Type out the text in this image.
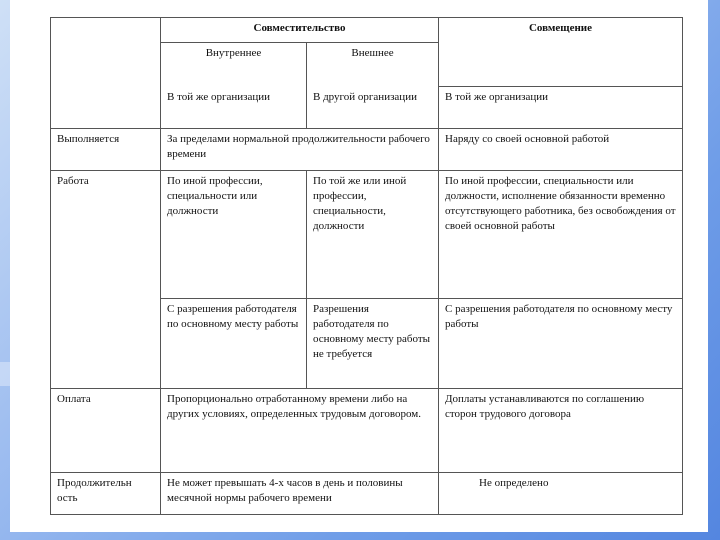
	Совместительство		Совмещение
	Внутреннее	Внешнее	
	В той же организации	В другой организации	В той же организации
Выполняется	За пределами нормальной продолжительности рабочего времени		Наряду со своей основной работой
Работа	По иной профессии, специальности или должности	По той же или иной профессии, специальности, должности	По иной профессии, специальности или должности, исполнение обязанности временно отсутствующего работника, без освобождения от своей основной работы
	С разрешения работодателя по основному месту работы	Разрешения работодателя по основному месту работы не требуется	С разрешения работодателя по основному месту работы
Оплата	Пропорционально отработанному времени либо на других условиях, определенных трудовым договором.		Доплаты устанавливаются по соглашению сторон трудового договора
Продолжительн ость	Не может превышать 4-х часов в день и половины месячной нормы рабочего времени		Не определено
